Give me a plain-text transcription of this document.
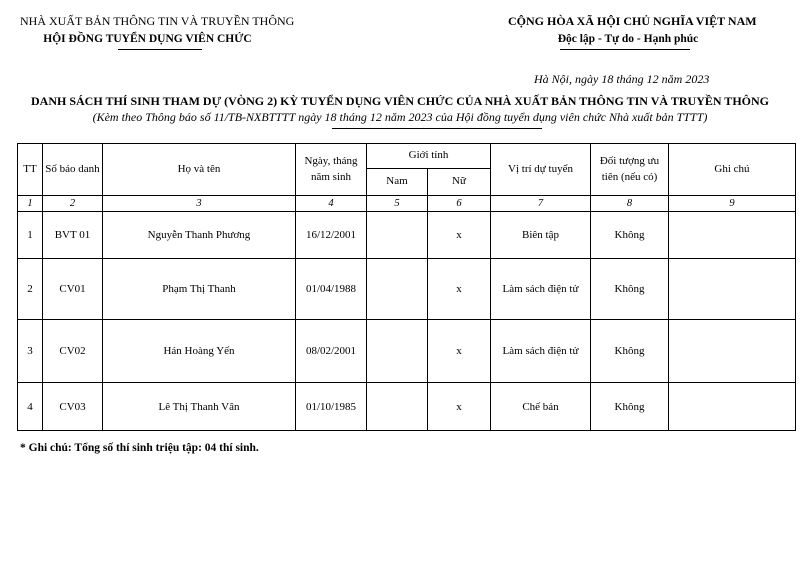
NHÀ XUẤT BẢN THÔNG TIN VÀ TRUYỀN THÔNG
HỘI ĐỒNG TUYỂN DỤNG VIÊN CHỨC
CỘNG HÒA XÃ HỘI CHỦ NGHĨA VIỆT NAM
Độc lập - Tự do - Hạnh phúc
Hà Nội, ngày 18 tháng 12 năm 2023
DANH SÁCH THÍ SINH THAM DỰ (VÒNG 2) KỲ TUYỂN DỤNG VIÊN CHỨC CỦA NHÀ XUẤT BẢN THÔNG TIN VÀ TRUYỀN THÔNG
(Kèm theo Thông báo số 11/TB-NXBTTTT ngày 18 tháng 12 năm 2023 của Hội đồng tuyển dụng viên chức Nhà xuất bản TTTT)
TT	Số báo danh	Họ và tên	Ngày, tháng năm sinh	Giới tính		Vị trí dự tuyển	Đối tượng ưu tiên (nếu có)	Ghi chú
				Nam	Nữ			
1	2	3	4	5	6	7	8	9
1	BVT 01	Nguyễn Thanh Phương	16/12/2001		x	Biên tập	Không	
2	CV01	Phạm Thị Thanh	01/04/1988		x	Làm sách điện tử	Không	
3	CV02	Hán Hoàng Yến	08/02/2001		x	Làm sách điện tử	Không	
4	CV03	Lê Thị Thanh Vân	01/10/1985		x	Chế bản	Không	
* Ghi chú: Tổng số thí sinh triệu tập: 04 thí sinh.
